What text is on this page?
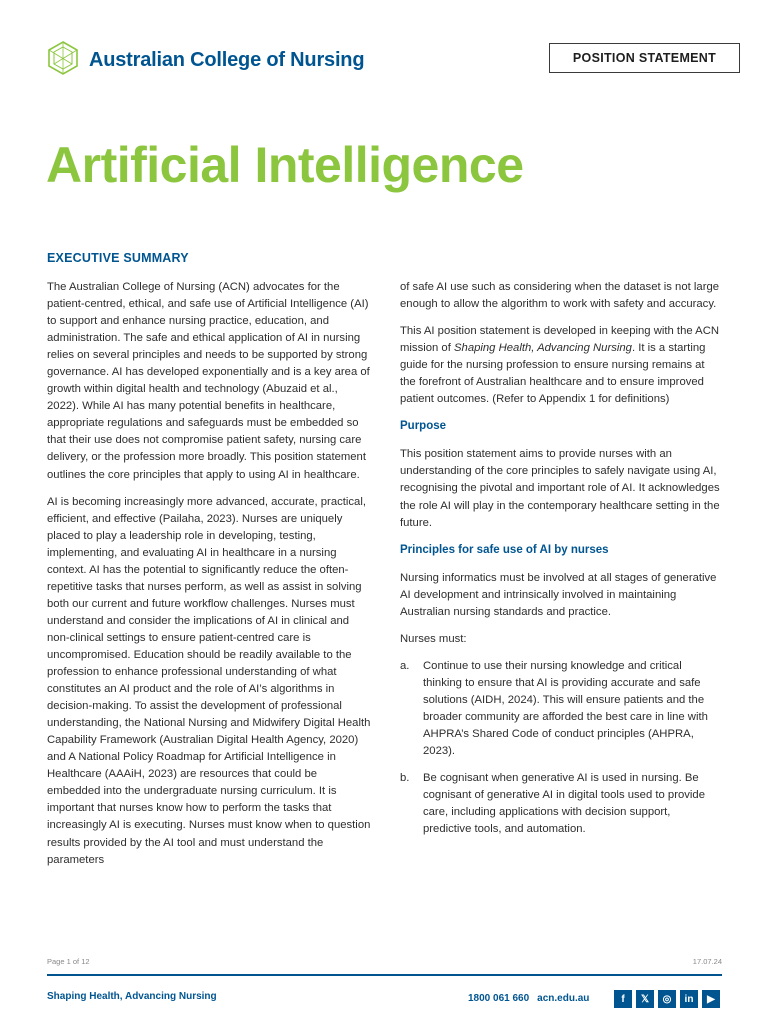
Australian College of Nursing	POSITION STATEMENT
Artificial Intelligence
EXECUTIVE SUMMARY

The Australian College of Nursing (ACN) advocates for the patient-centred, ethical, and safe use of Artificial Intelligence (AI) to support and enhance nursing practice, education, and administration. The safe and ethical application of AI in nursing relies on several principles and needs to be supported by strong governance. AI has developed exponentially and is a key area of growth within digital health and technology (Abuzaid et al., 2022). While AI has many potential benefits in healthcare, appropriate regulations and safeguards must be embedded so that their use does not compromise patient safety, nursing care delivery, or the profession more broadly. This position statement outlines the core principles that apply to using AI in healthcare.

AI is becoming increasingly more advanced, accurate, practical, efficient, and effective (Pailaha, 2023). Nurses are uniquely placed to play a leadership role in developing, testing, implementing, and evaluating AI in healthcare in a nursing context. AI has the potential to significantly reduce the often-repetitive tasks that nurses perform, as well as assist in solving both our current and future workflow challenges. Nurses must understand and consider the implications of AI in clinical and non-clinical settings to ensure patient-centred care is uncompromised. Education should be readily available to the profession to enhance professional understanding of what constitutes an AI product and the role of AI’s algorithms in decision-making. To assist the development of professional understanding, the National Nursing and Midwifery Digital Health Capability Framework (Australian Digital Health Agency, 2020) and A National Policy Roadmap for Artificial Intelligence in Healthcare (AAAiH, 2023) are resources that could be embedded into the undergraduate nursing curriculum. It is important that nurses know how to perform the tasks that increasingly AI is executing. Nurses must know when to question results provided by the AI tool and must understand the parameters

of safe AI use such as considering when the dataset is not large enough to allow the algorithm to work with safety and accuracy.

This AI position statement is developed in keeping with the ACN mission of Shaping Health, Advancing Nursing. It is a starting guide for the nursing profession to ensure nursing remains at the forefront of Australian healthcare and to ensure improved patient outcomes. (Refer to Appendix 1 for definitions)

Purpose

This position statement aims to provide nurses with an understanding of the core principles to safely navigate using AI, recognising the pivotal and important role of AI. It acknowledges the role AI will play in the contemporary healthcare setting in the future.

Principles for safe use of AI by nurses

Nursing informatics must be involved at all stages of generative AI development and intrinsically involved in maintaining Australian nursing standards and practice.

Nurses must:

a.	Continue to use their nursing knowledge and critical thinking to ensure that AI is providing accurate and safe solutions (AIDH, 2024). This will ensure patients and the broader community are afforded the best care in line with AHPRA’s Shared Code of conduct principles (AHPRA, 2023).
b.	Be cognisant when generative AI is used in nursing. Be cognisant of generative AI in digital tools used to provide care, including applications with decision support, predictive tools, and automation.
Page 1 of 12	17.07.24
Shaping Health, Advancing Nursing	1800 061 660 acn.edu.au	f	𝕏	◎	in	▶
